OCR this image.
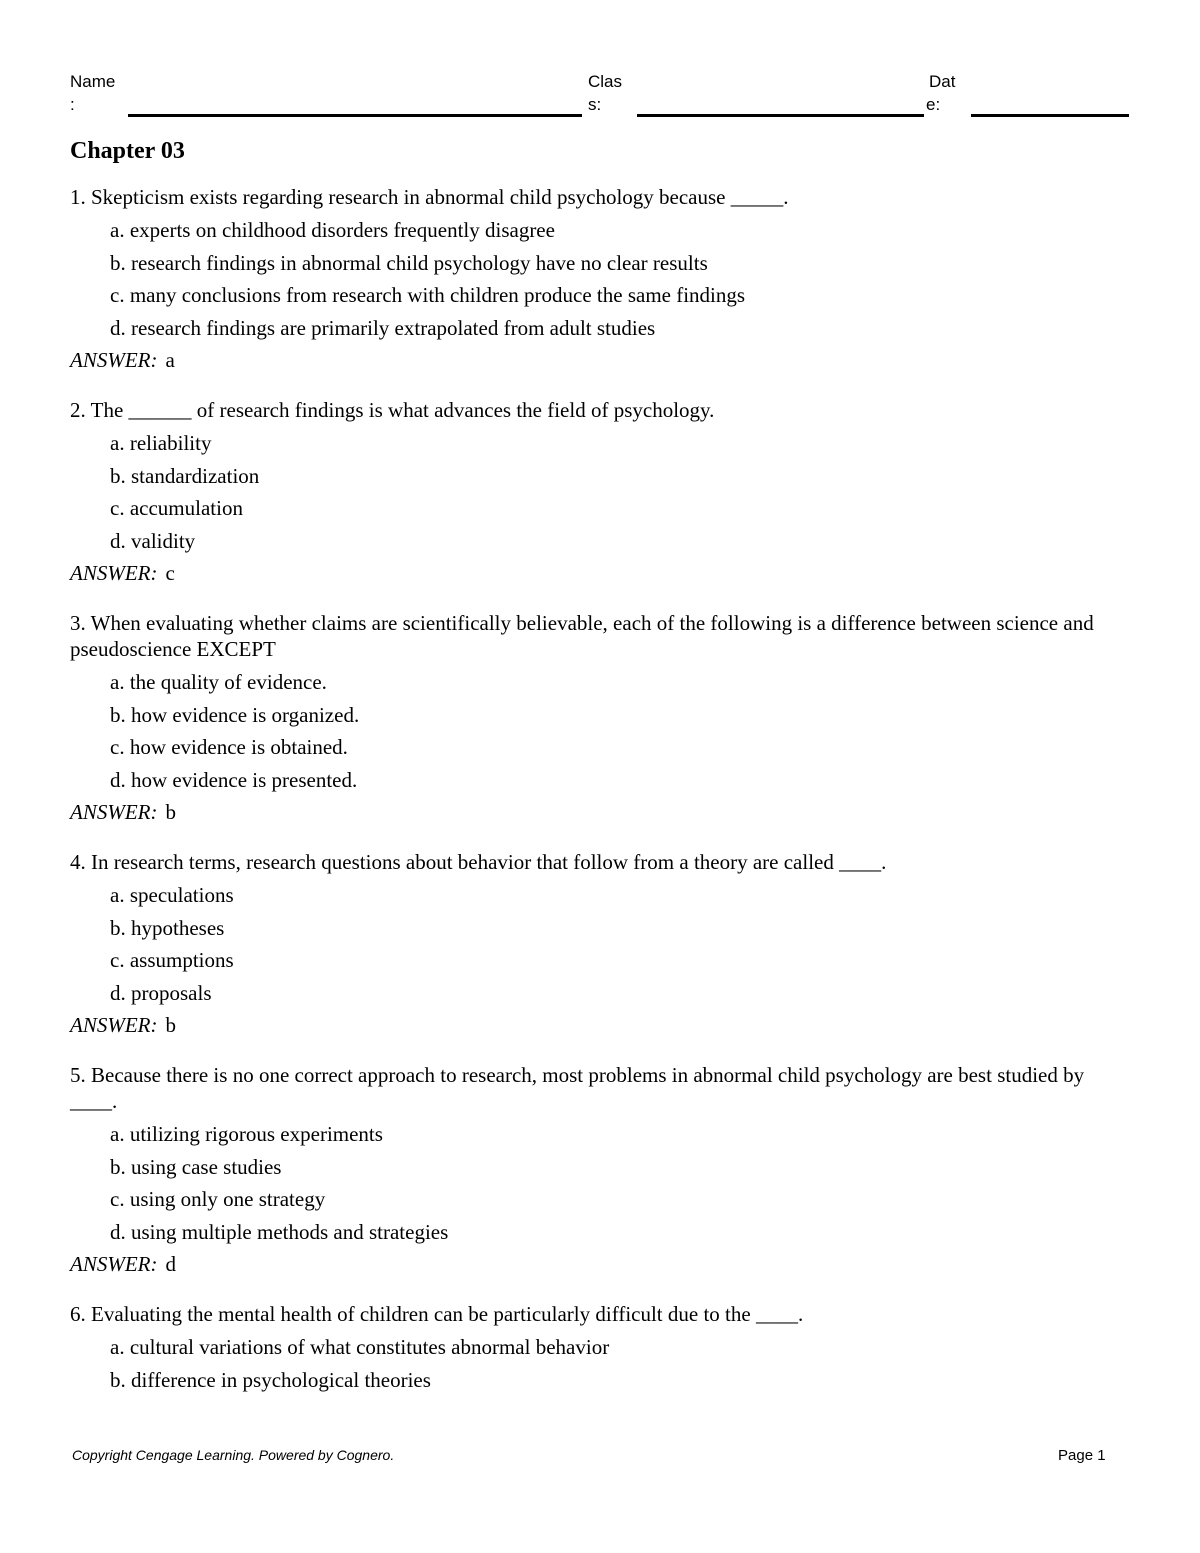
Name
:
Clas
s:
Dat
e:
Chapter 03
1. Skepticism exists regarding research in abnormal child psychology because _____.
a. experts on childhood disorders frequently disagree
b. research findings in abnormal child psychology have no clear results
c. many conclusions from research with children produce the same findings
d. research findings are primarily extrapolated from adult studies
ANSWER: a
2. The ______ of research findings is what advances the field of psychology.
a. reliability
b. standardization
c. accumulation
d. validity
ANSWER: c
3. When evaluating whether claims are scientifically believable, each of the following is a difference between science and pseudoscience EXCEPT
a. the quality of evidence.
b. how evidence is organized.
c. how evidence is obtained.
d. how evidence is presented.
ANSWER: b
4. In research terms, research questions about behavior that follow from a theory are called ____.
a. speculations
b. hypotheses
c. assumptions
d. proposals
ANSWER: b
5. Because there is no one correct approach to research, most problems in abnormal child psychology are best studied by ____.
a. utilizing rigorous experiments
b. using case studies
c. using only one strategy
d. using multiple methods and strategies
ANSWER: d
6. Evaluating the mental health of children can be particularly difficult due to the ____.
a. cultural variations of what constitutes abnormal behavior
b. difference in psychological theories
Copyright Cengage Learning. Powered by Cognero.	Page 1
